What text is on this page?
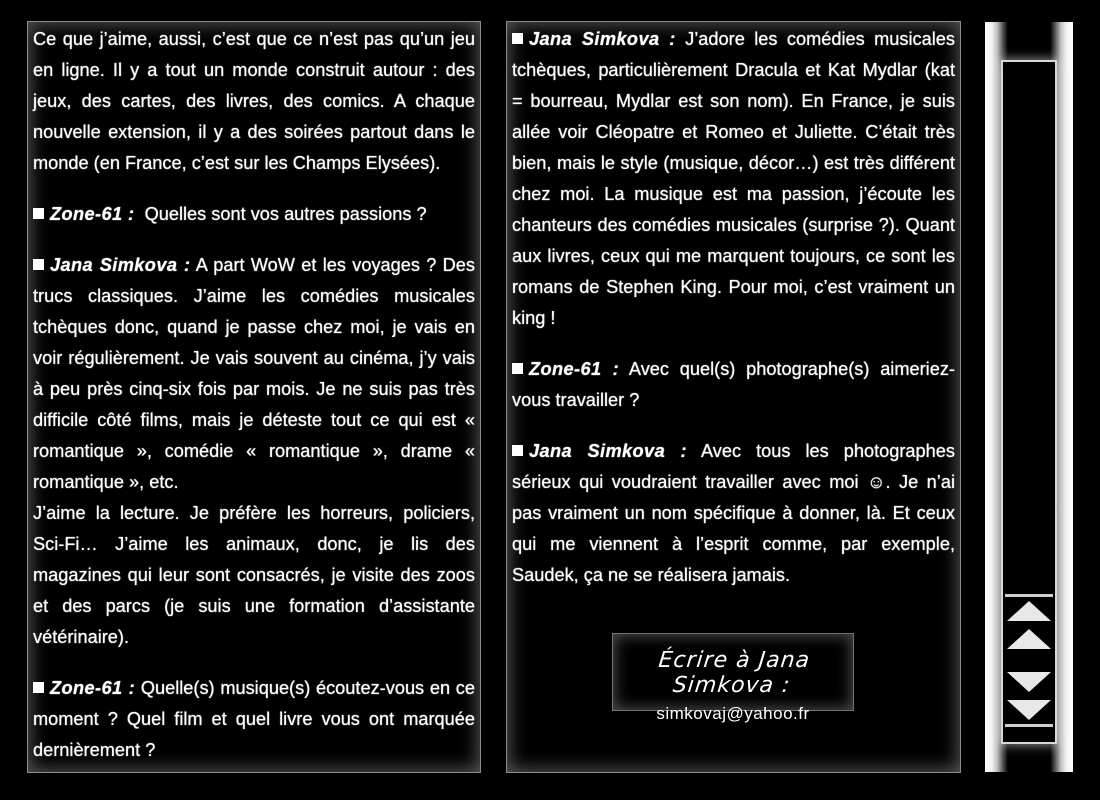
Ce que j’aime, aussi, c’est que ce n’est pas qu’un jeu en ligne. Il y a tout un monde construit autour : des jeux, des cartes, des livres, des comics. A chaque nouvelle extension, il y a des soirées partout dans le monde (en France, c’est sur les Champs Elysées).

Zone-61 : Quelles sont vos autres passions ?

Jana Simkova : A part WoW et les voyages ? Des trucs classiques. J’aime les comédies musicales tchèques donc, quand je passe chez moi, je vais en voir régulièrement. Je vais souvent au cinéma, j’y vais à peu près cinq-six fois par mois. Je ne suis pas très difficile côté films, mais je déteste tout ce qui est « romantique », comédie « romantique », drame « romantique », etc.

J’aime la lecture. Je préfère les horreurs, policiers, Sci-Fi… J’aime les animaux, donc, je lis des magazines qui leur sont consacrés, je visite des zoos et des parcs (je suis une formation d’assistante vétérinaire).

Zone-61 : Quelle(s) musique(s) écoutez-vous en ce moment ? Quel film et quel livre vous ont marquée dernièrement ?

Jana Simkova : J’adore les comédies musicales tchèques, particulièrement Dracula et Kat Mydlar (kat = bourreau, Mydlar est son nom). En France, je suis allée voir Cléopatre et Romeo et Juliette. C’était très bien, mais le style (musique, décor…) est très différent chez moi. La musique est ma passion, j’écoute les chanteurs des comédies musicales (surprise ?). Quant aux livres, ceux qui me marquent toujours, ce sont les romans de Stephen King. Pour moi, c’est vraiment un king !

Zone-61 : Avec quel(s) photographe(s) aimeriez-vous travailler ?

Jana Simkova : Avec tous les photographes sérieux qui voudraient travailler avec moi ☺. Je n’ai pas vraiment un nom spécifique à donner, là. Et ceux qui me viennent à l’esprit comme, par exemple, Saudek, ça ne se réalisera jamais.

Écrire à Jana Simkova :
simkovaj@yahoo.fr
